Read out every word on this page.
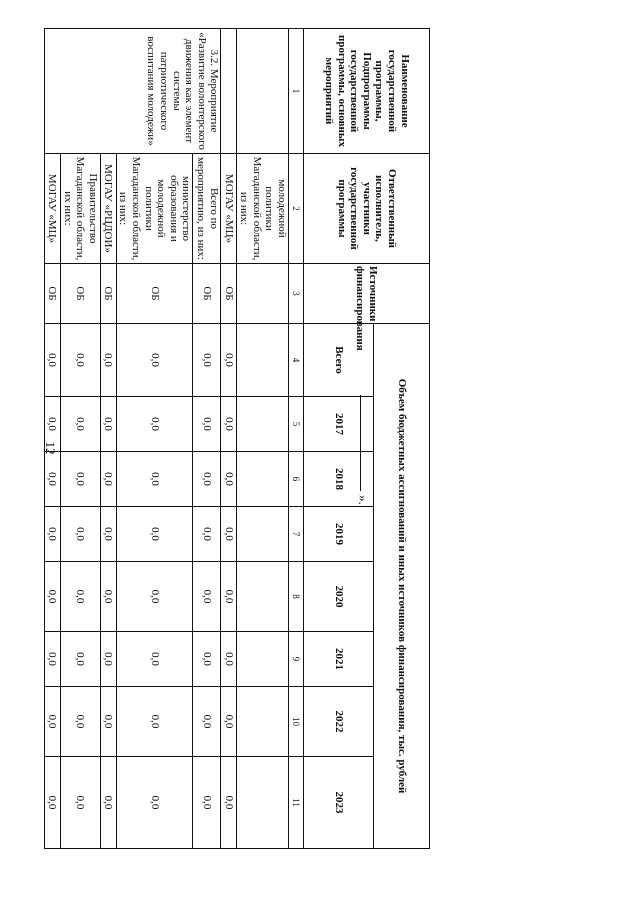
12
Наименование государственной программы, Подпрограммы государственной программы, основных мероприятий	Ответственный исполнитель, участники государственной программы	Источники финансирования	Объем бюджетных ассигнований и иных источников финансирования, тыс. рублей							
			Всего	2017	2018	2019	2020	2021	2022	2023
1	2	3	4	5	6	7	8	9	10	11
	молодежной политики Магаданской области, из них:									
	МОГАУ «МЦ»	ОБ	0,0	0,0	0,0	0,0	0,0	0,0	0,0	0,0
3.2. Мероприятие «Развитие волонтерского движения как элемент системы патриотического воспитания молодежи»	Всего по мероприятию, из них:	ОБ	0,0	0,0	0,0	0,0	0,0	0,0	0,0	0,0
	министерство образования и молодежной политики Магаданской области, из них:	ОБ	0,0	0,0	0,0	0,0	0,0	0,0	0,0	0,0
	МОГАУ «РЦДОИ»	ОБ	0,0	0,0	0,0	0,0	0,0	0,0	0,0	0,0
	Правительство Магаданской области, их них:	ОБ	0,0	0,0	0,0	0,0	0,0	0,0	0,0	0,0
	МОГАУ «МЦ»	ОБ	0,0	0,0	0,0	0,0	0,0	0,0	0,0	0,0
».
